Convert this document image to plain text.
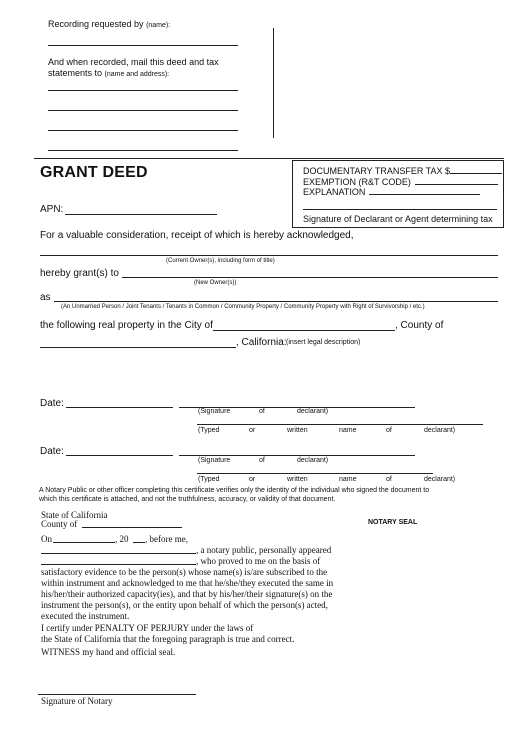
Recording requested by (name):
And when recorded, mail this deed and tax
statements to (name and address):
GRANT DEED	DOCUMENTARY TRANSFER TAX $
EXEMPTION (R&T CODE)
EXPLANATION
Signature of Declarant or Agent determining tax
APN:
For a valuable consideration, receipt of which is hereby acknowledged,
(Current Owner(s), including form of title)
hereby grant(s) to
(New Owner(s))
as
(An Unmarried Person / Joint Tenants / Tenants in Common / Community Property / Community Property with Right of Survivorship / etc.)
the following real property in the City of	, County of
, California: (insert legal description)
Date:
(Signature	of	declarant)
(Typed	or	written	name	of	declarant)
Date:
(Signature	of	declarant)
(Typed	or	written	name	of	declarant)
A Notary Public or other officer completing this certificate verifies only the identity of the individual who signed the document to
which this certificate is attached, and not the truthfulness, accuracy, or validity of that document.
State of California
County of	NOTARY SEAL
On	, 20 , before me,
, a notary public, personally appeared
, who proved to me on the basis of
satisfactory evidence to be the person(s) whose name(s) is/are subscribed to the
within instrument and acknowledged to me that he/she/they executed the same in
his/her/their authorized capacity(ies), and that by his/her/their signature(s) on the
instrument the person(s), or the entity upon behalf of which the person(s) acted,
executed the instrument.
I certify under PENALTY OF PERJURY under the laws of
the State of California that the foregoing paragraph is true and correct.
WITNESS my hand and official seal.
Signature of Notary
